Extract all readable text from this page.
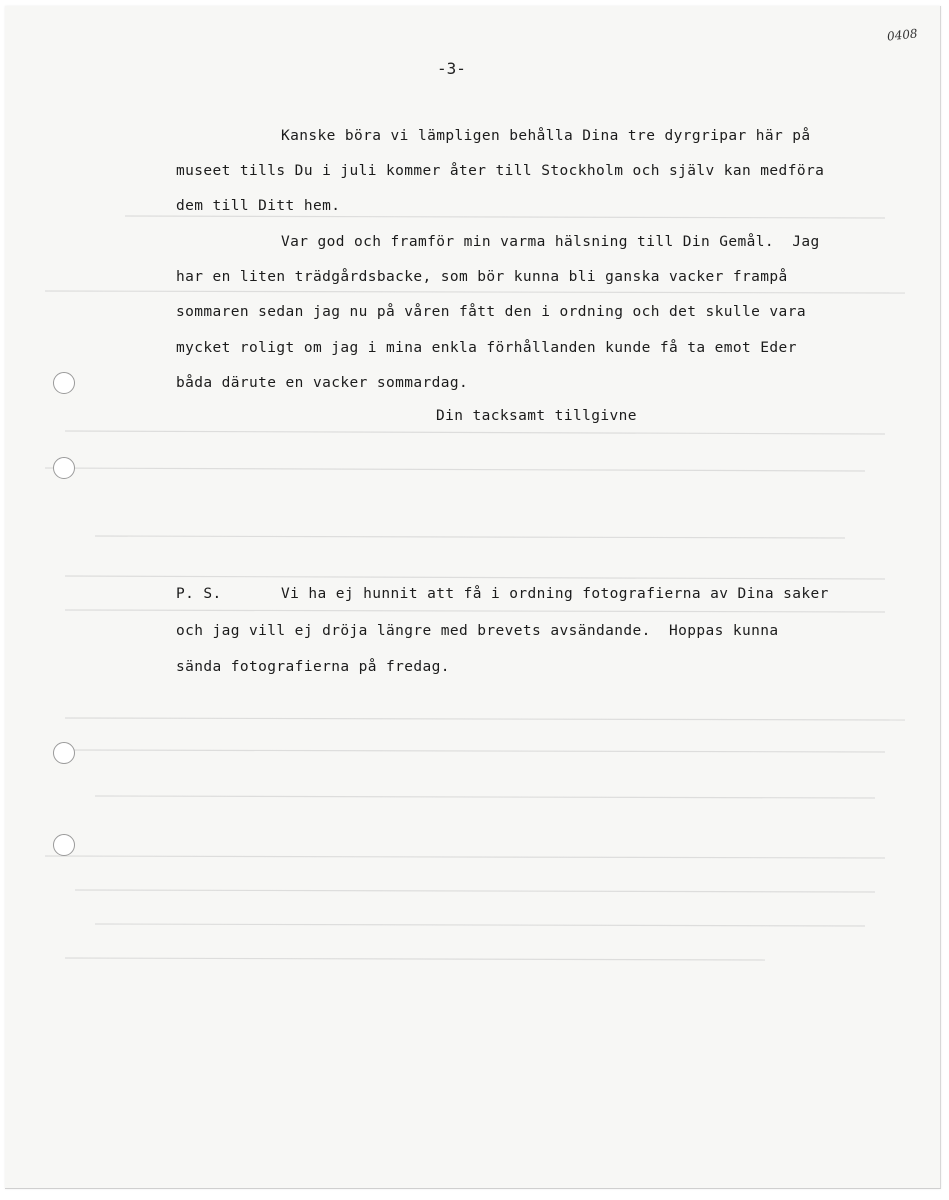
0408

-3-

Kanske böra vi lämpligen behålla Dina tre dyrgripar här på

museet tills Du i juli kommer åter till Stockholm och själv kan medföra

dem till Ditt hem.

Var god och framför min varma hälsning till Din Gemål.  Jag

har en liten trädgårdsbacke, som bör kunna bli ganska vacker frampå

sommaren sedan jag nu på våren fått den i ordning och det skulle vara

mycket roligt om jag i mina enkla förhållanden kunde få ta emot Eder

båda därute en vacker sommardag.

Din tacksamt tillgivne

P. S.	Vi ha ej hunnit att få i ordning fotografierna av Dina saker

och jag vill ej dröja längre med brevets avsändande.  Hoppas kunna

sända fotografierna på fredag.
